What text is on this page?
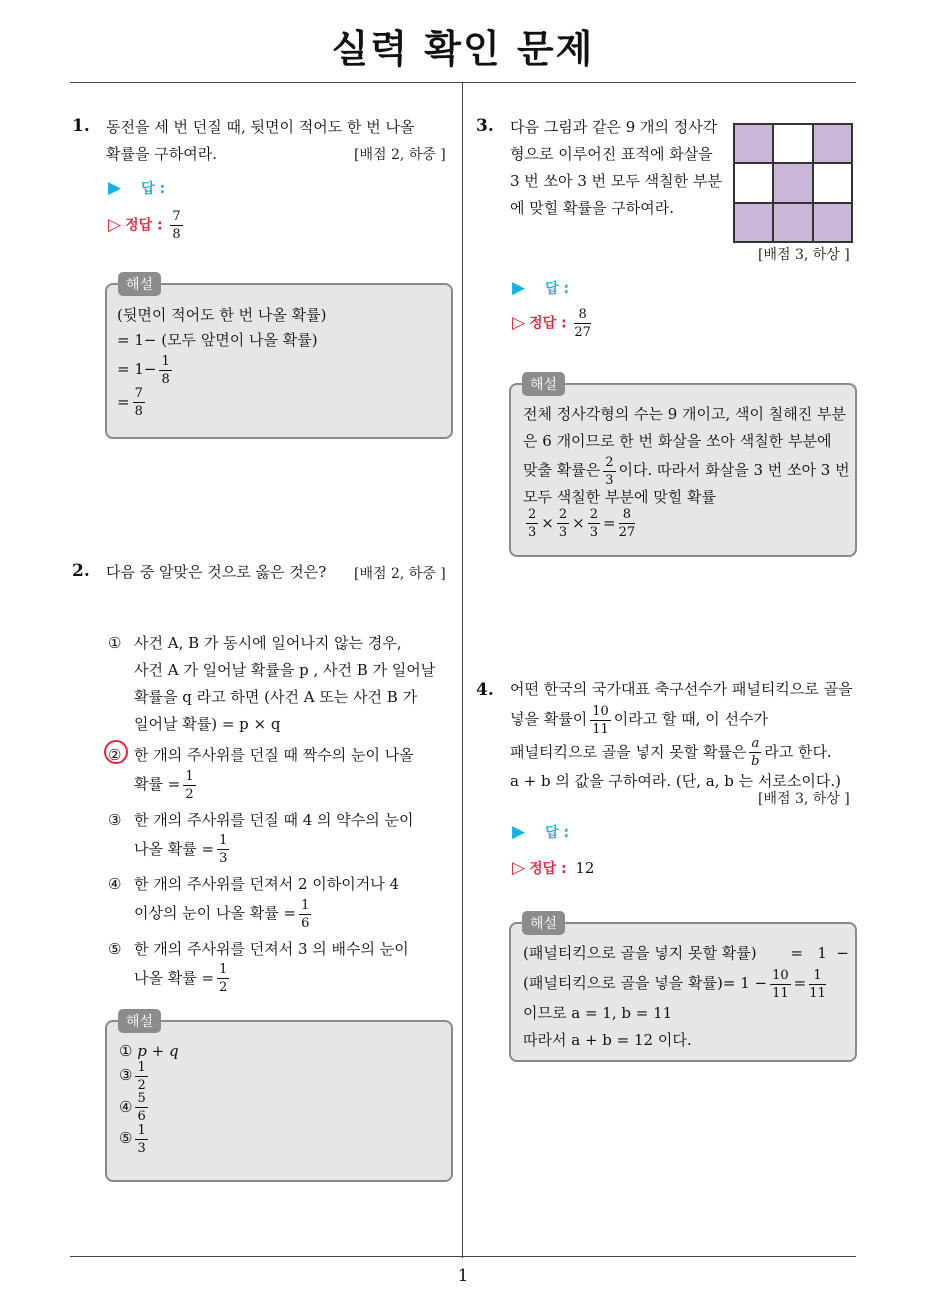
실력 확인 문제
1
1. 동전을 세 번 던질 때, 뒷면이 적어도 한 번 나올
확률을 구하여라.	[배점 2, 하중 ]
▶ 답 :
▷ 정답 : $\frac{7}{8}$
(뒷면이 적어도 한 번 나올 확률)
= 1− (모두 앞면이 나올 확률)
= $1- \frac{1}{8}$
= $\frac{7}{8}$
해설
2. 다음 중 알맞은 것으로 옳은 것은? [배점 2, 하중 ]
① 사건 A, B 가 동시에 일어나지 않는 경우,
사건 A 가 일어날 확률을 p , 사건 B 가 일어날
확률을 q 라고 하면 (사건 A 또는 사건 B 가
일어날 확률) = p × q
② 한 개의 주사위를 던질 때 짝수의 눈이 나올
확률 = $\frac{1}{2}$
③ 한 개의 주사위를 던질 때 4 의 약수의 눈이
나올 확률 = $\frac{1}{3}$
④ 한 개의 주사위를 던져서 2 이하이거나 4
이상의 눈이 나올 확률 = $\frac{1}{6}$
⑤ 한 개의 주사위를 던져서 3 의 배수의 눈이
나올 확률 = $\frac{1}{2}$
① p + q
③ $\frac{1}{2}$
④ $\frac{5}{6}$
⑤ $\frac{1}{3}$
해설
3. 다음 그림과 같은 9 개의 정사각
형으로 이루어진 표적에 화살을
3 번 쏘아 3 번 모두 색칠한 부분
에 맞힐 확률을 구하여라.
[배점 3, 하상 ]
▶ 답 :
▷ 정답 : $\frac{8}{27}$
전체 정사각형의 수는 9 개이고, 색이 칠해진 부분
은 6 개이므로 한 번 화살을 쏘아 색칠한 부분에
맞출 확률은 $\frac{2}{3}$ 이다. 따라서 화살을 3 번 쏘아 3 번
모두 색칠한 부분에 맞힐 확률
$\frac{2}{3} \times \frac{2}{3} \times \frac{2}{3} = \frac{8}{27}$
해설
4. 어떤 한국의 국가대표 축구선수가 패널티킥으로 골을
넣을 확률이 $\frac{10}{11}$ 이라고 할 때, 이 선수가
패널티킥으로 골을 넣지 못할 확률은 $\frac{a}{b}$ 라고 한다.
a + b 의 값을 구하여라. (단, a, b 는 서로소이다.)
[배점 3, 하상 ]
▶ 답 :
▷ 정답 : 12
(패널티킥으로 골을 넣지 못할 확률) =   1  −
(패널티킥으로 골을 넣을 확률)= $1 - \frac{10}{11} = \frac{1}{11}$
이므로 a = 1, b = 11
따라서 a + b = 12 이다.
해설
